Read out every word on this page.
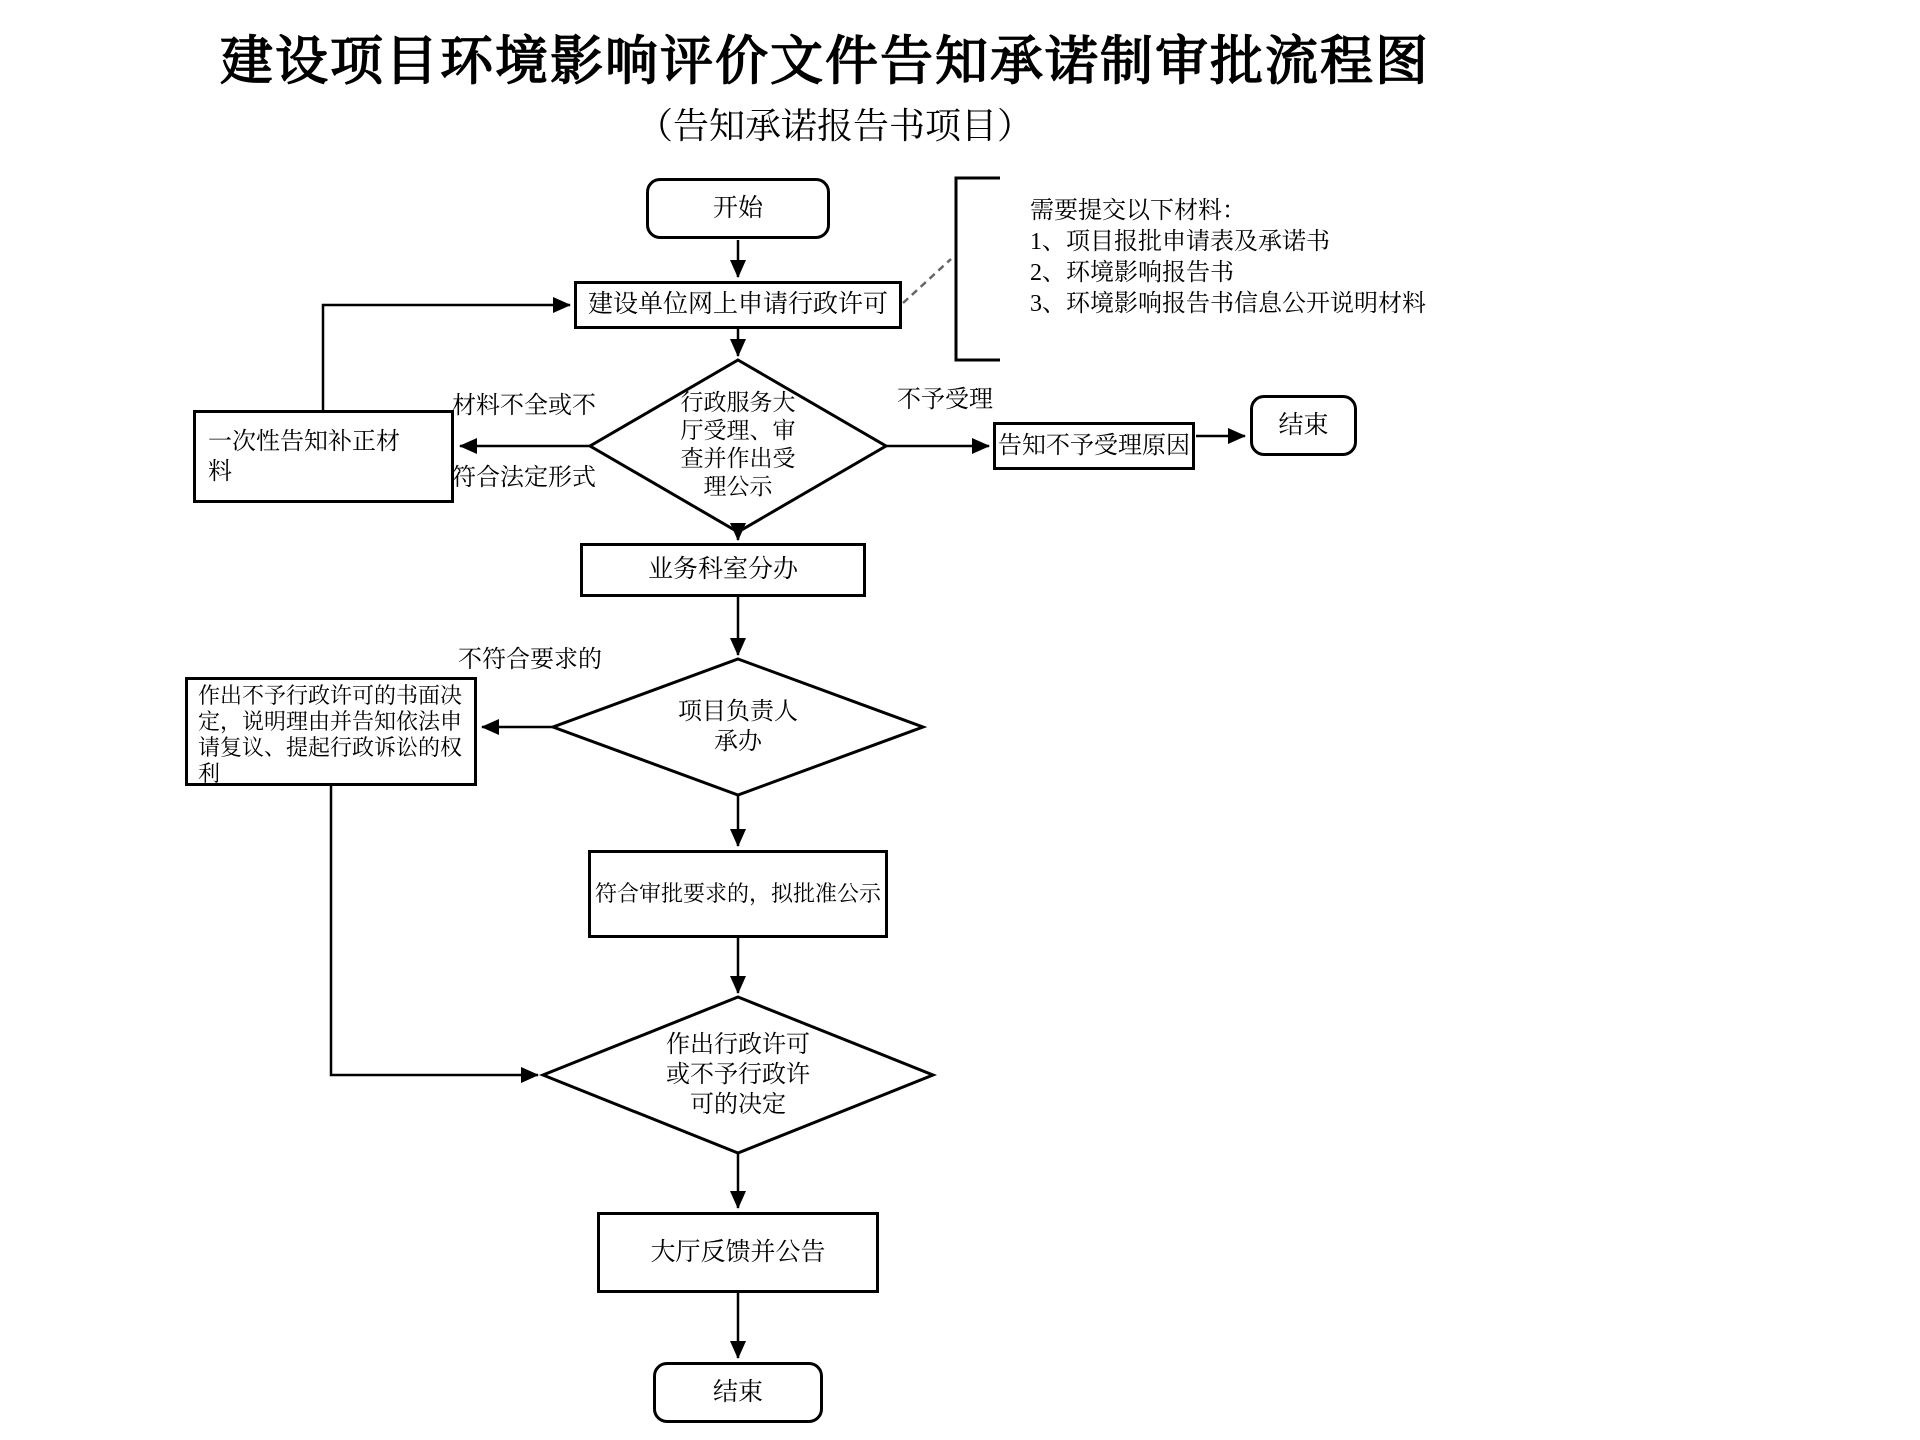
建设项目环境影响评价文件告知承诺制审批流程图
（告知承诺报告书项目）
开始
建设单位网上申请行政许可
一次性告知补正材料
告知不予受理原因
结束
业务科室分办
作出不予行政许可的书面决定，说明理由并告知依法申请复议、提起行政诉讼的权利
符合审批要求的，拟批准公示
大厅反馈并公告
结束
行政服务大厅受理、审查并作出受理公示
项目负责人承办
作出行政许可或不予行政许可的决定
材料不全或不
符合法定形式
不予受理
不符合要求的
需要提交以下材料：
1、项目报批申请表及承诺书
2、环境影响报告书
3、环境影响报告书信息公开说明材料
